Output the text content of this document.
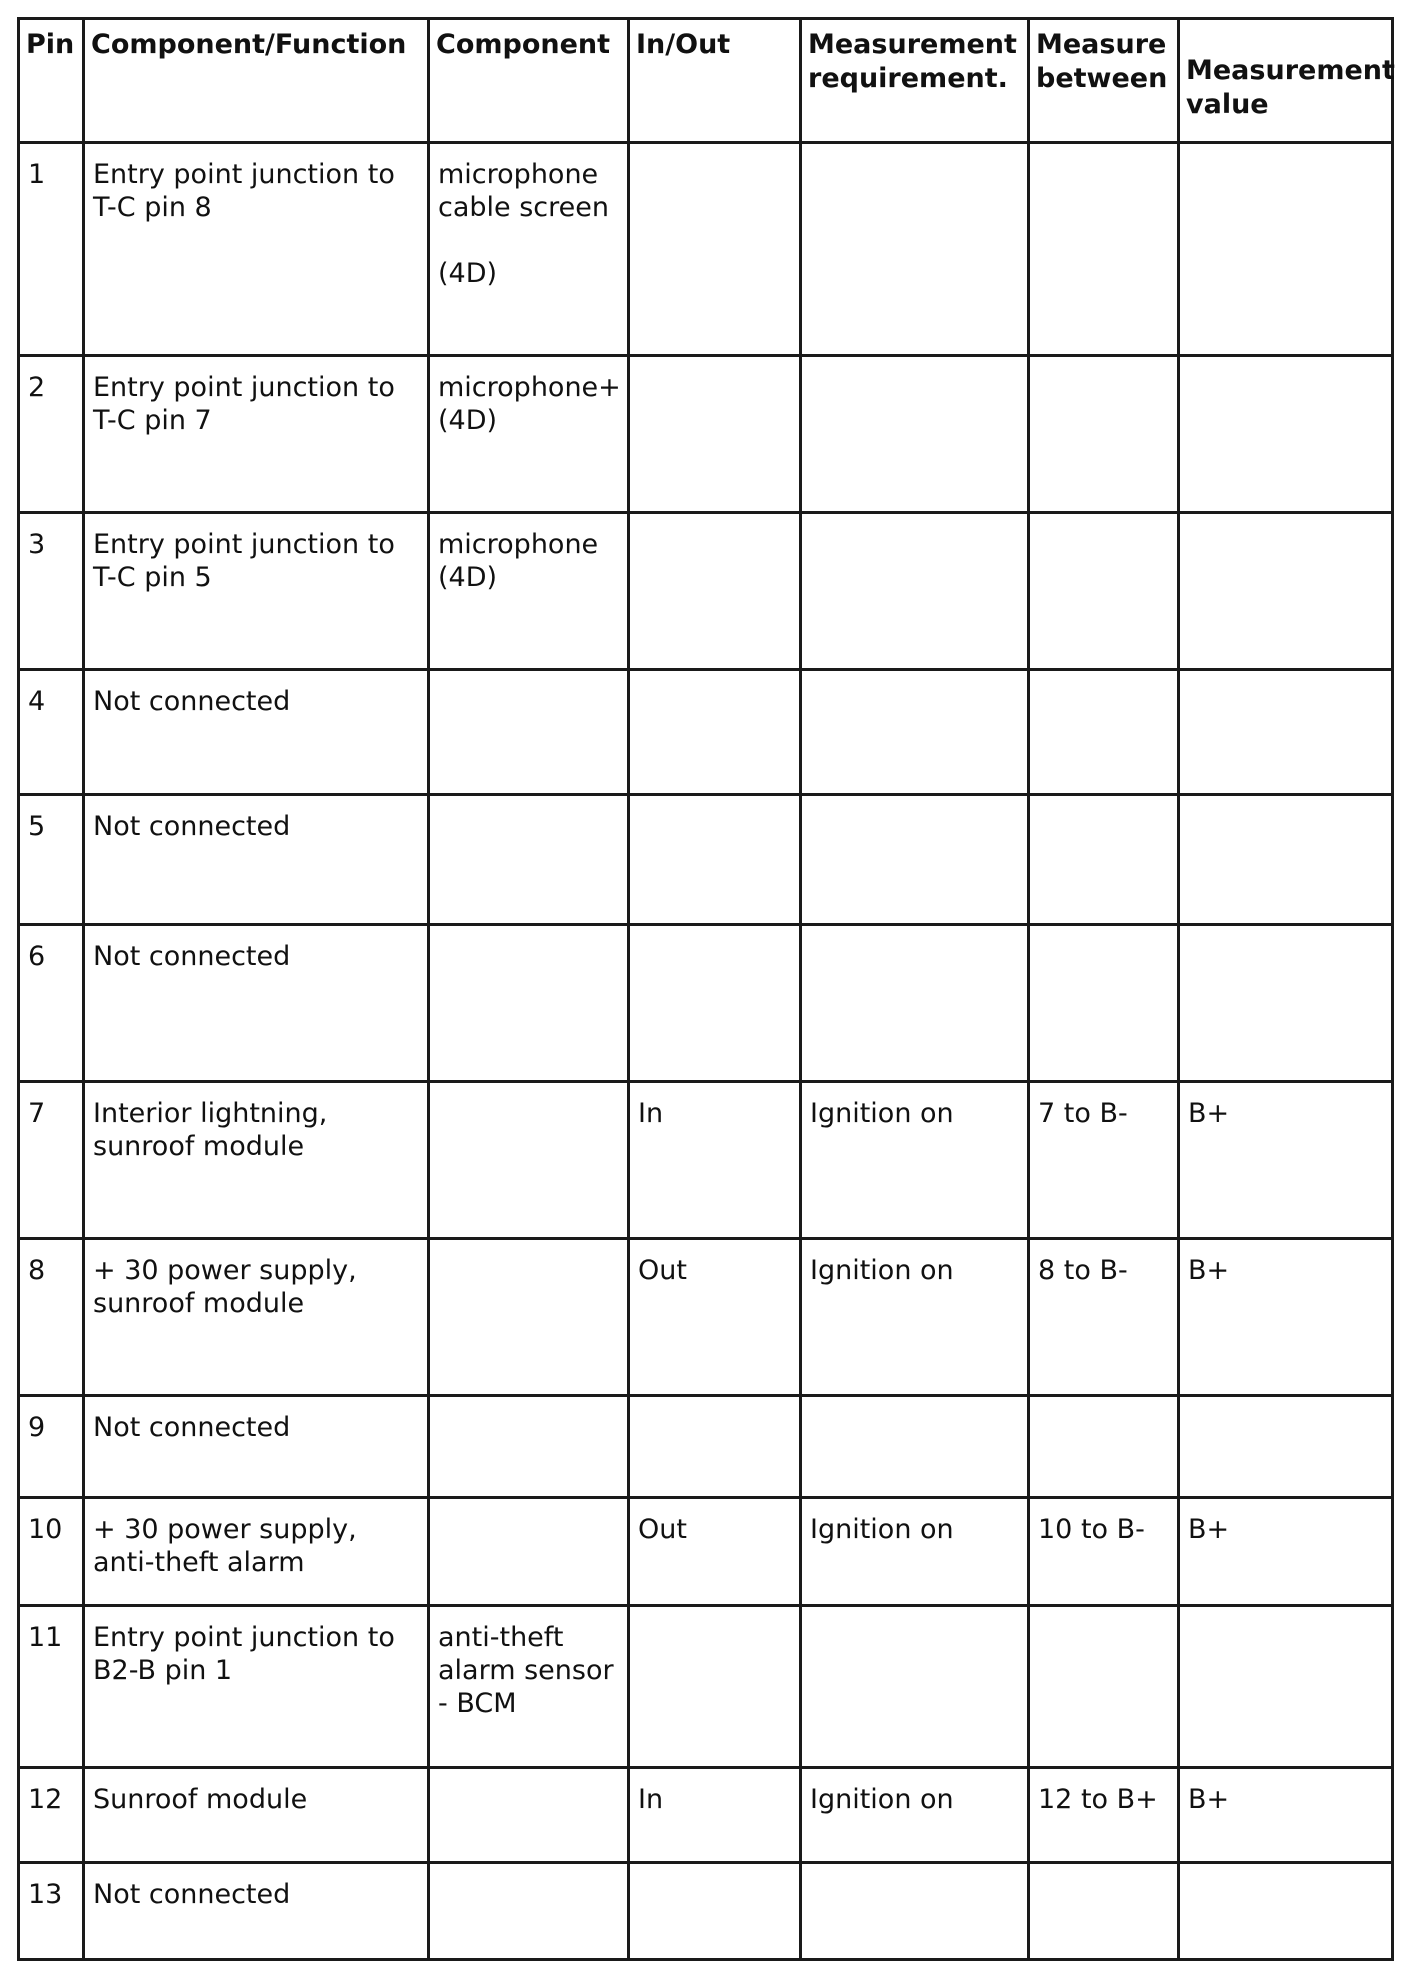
Pin	Component/Function	Component	In/Out	Measurement requirement.	Measure between	Measurement value

1	Entry point junction to
T-C pin 8	microphone
cable screen

(4D)				

2	Entry point junction to
T-C pin 7	microphone+
(4D)				

3	Entry point junction to
T-C pin 5	microphone
(4D)				

4	Not connected					

5	Not connected					

6	Not connected					

7	Interior lightning,
sunroof module		In	Ignition on	7 to B-	B+

8	+ 30 power supply,
sunroof module		Out	Ignition on	8 to B-	B+

9	Not connected					

10	+ 30 power supply,
anti-theft alarm		Out	Ignition on	10 to B-	B+

11	Entry point junction to
B2-B pin 1	anti-theft
alarm sensor
- BCM				

12	Sunroof module		In	Ignition on	12 to B+	B+

13	Not connected					
